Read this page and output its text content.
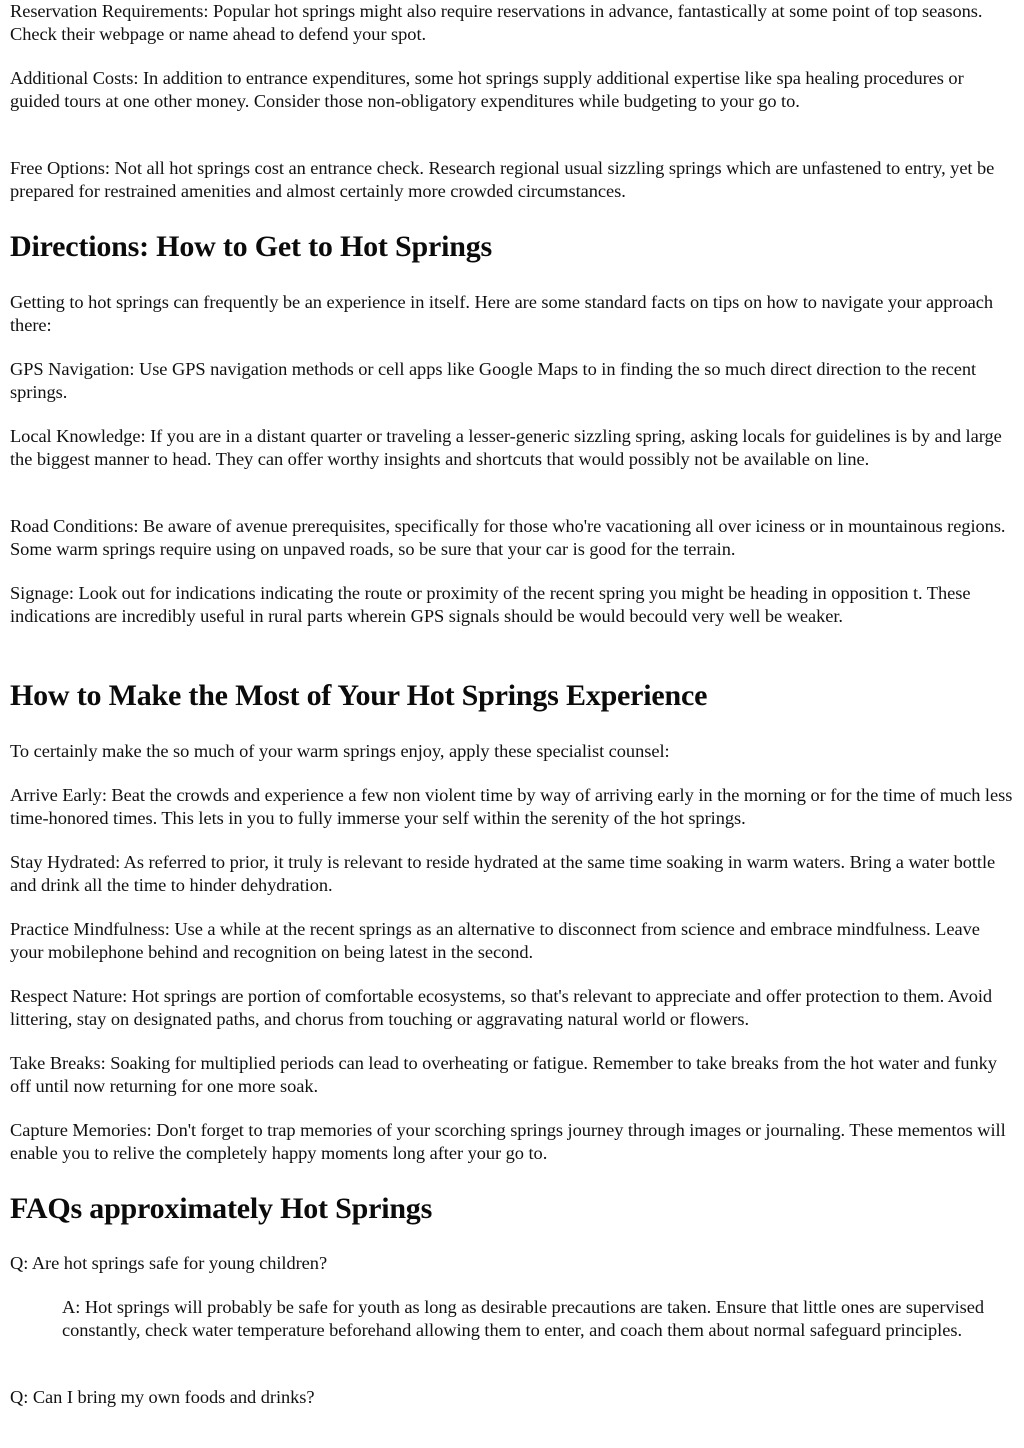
Reservation Requirements: Popular hot springs might also require reservations in advance, fantastically at some point of top seasons. Check their webpage or name ahead to defend your spot.

Additional Costs: In addition to entrance expenditures, some hot springs supply additional expertise like spa healing procedures or guided tours at one other money. Consider those non-obligatory expenditures while budgeting to your go to.

Free Options: Not all hot springs cost an entrance check. Research regional usual sizzling springs which are unfastened to entry, yet be prepared for restrained amenities and almost certainly more crowded circumstances.

Directions: How to Get to Hot Springs

Getting to hot springs can frequently be an experience in itself. Here are some standard facts on tips on how to navigate your approach there:

GPS Navigation: Use GPS navigation methods or cell apps like Google Maps to in finding the so much direct direction to the recent springs.

Local Knowledge: If you are in a distant quarter or traveling a lesser-generic sizzling spring, asking locals for guidelines is by and large the biggest manner to head. They can offer worthy insights and shortcuts that would possibly not be available on line.

Road Conditions: Be aware of avenue prerequisites, specifically for those who're vacationing all over iciness or in mountainous regions. Some warm springs require using on unpaved roads, so be sure that your car is good for the terrain.

Signage: Look out for indications indicating the route or proximity of the recent spring you might be heading in opposition t. These indications are incredibly useful in rural parts wherein GPS signals should be would becould very well be weaker.

How to Make the Most of Your Hot Springs Experience

To certainly make the so much of your warm springs enjoy, apply these specialist counsel:

Arrive Early: Beat the crowds and experience a few non violent time by way of arriving early in the morning or for the time of much less time-honored times. This lets in you to fully immerse your self within the serenity of the hot springs.

Stay Hydrated: As referred to prior, it truly is relevant to reside hydrated at the same time soaking in warm waters. Bring a water bottle and drink all the time to hinder dehydration.

Practice Mindfulness: Use a while at the recent springs as an alternative to disconnect from science and embrace mindfulness. Leave your mobilephone behind and recognition on being latest in the second.

Respect Nature: Hot springs are portion of comfortable ecosystems, so that's relevant to appreciate and offer protection to them. Avoid littering, stay on designated paths, and chorus from touching or aggravating natural world or flowers.

Take Breaks: Soaking for multiplied periods can lead to overheating or fatigue. Remember to take breaks from the hot water and funky off until now returning for one more soak.

Capture Memories: Don't forget to trap memories of your scorching springs journey through images or journaling. These mementos will enable you to relive the completely happy moments long after your go to.

FAQs approximately Hot Springs

Q: Are hot springs safe for young children?

A: Hot springs will probably be safe for youth as long as desirable precautions are taken. Ensure that little ones are supervised constantly, check water temperature beforehand allowing them to enter, and coach them about normal safeguard principles.

Q: Can I bring my own foods and drinks?
